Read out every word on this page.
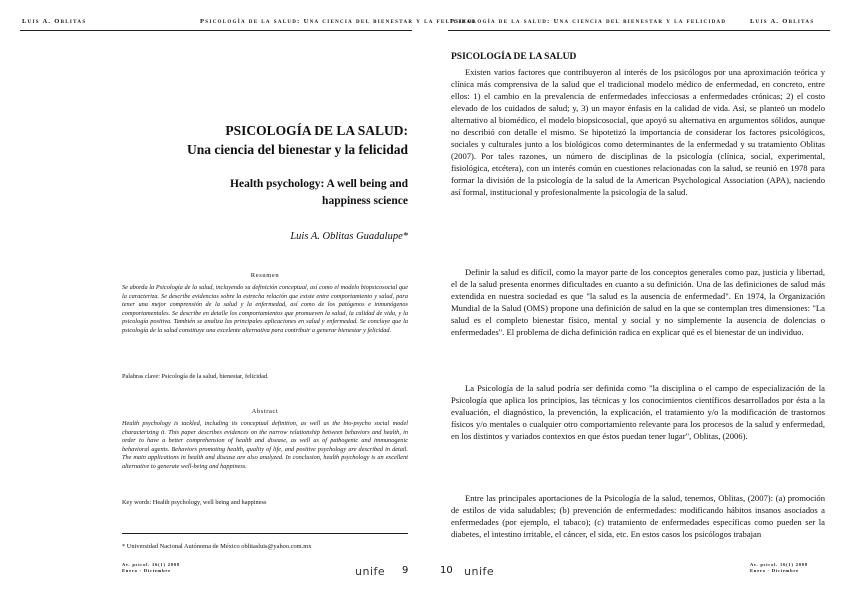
Luis A. Oblitas	Psicología de la salud: Una ciencia del bienestar y la felicidad
PSICOLOGÍA DE LA SALUD:
Una ciencia del bienestar y la felicidad
Health psychology: A well being and
happiness science
Luis A. Oblitas Guadalupe*
Resumen
Se aborda la Psicología de la salud, incluyendo su definición conceptual, así como el modelo biopsicosocial que la caracteriza. Se describe evidencias sobre la estrecha relación que existe entre comportamiento y salud, para tener una mejor comprensión de la salud y la enfermedad, así como de los patógenos e inmunógenos comportamentales. Se describe en detalle los comportamientos que promueven la salud, la calidad de vida, y la psicología positiva. También se analiza las principales aplicaciones en salud y enfermedad. Se concluye que la psicología de la salud constituye una excelente alternativa para contribuir a generar bienestar y felicidad.
Palabras clave: Psicología de la salud, bienestar, felicidad.
Abstract
Health psychology is tackled, including its conceptual definition, as well as the bio-psycho social model characterizing it. This paper describes evidences on the narrow relationship between behaviors and health, in order to have a better comprehension of health and disease, as well as of pathogenic and immunogenic behavioral agents. Behaviors promoting health, quality of life, and positive psychology are described in detail. The main applications in health and disease are also analyzed. In conclusion, health psychology is an excellent alternative to generate well-being and happiness.
Key words: Health psychology, well being and happiness
* Universidad Nacional Autónoma de México oblitasluis@yahoo.com.mx
Av. psicol. 16(1) 2008
Enero - Diciembre	unife 9
Psicología de la salud: Una ciencia del bienestar y la felicidad	Luis A. Oblitas
PSICOLOGÍA DE LA SALUD

Existen varios factores que contribuyeron al interés de los psicólogos por una aproximación teórica y clínica más comprensiva de la salud que el tradicional modelo médico de enfermedad, en concreto, entre ellos: 1) el cambio en la prevalencia de enfermedades infecciosas a enfermedades crónicas; 2) el costo elevado de los cuidados de salud; y, 3) un mayor énfasis en la calidad de vida. Así, se planteó un modelo alternativo al biomédico, el modelo biopsicosocial, que apoyó su alternativa en argumentos sólidos, aunque no describió con detalle el mismo. Se hipotetizó la importancia de considerar los factores psicológicos, sociales y culturales junto a los biológicos como determinantes de la enfermedad y su tratamiento Oblitas (2007). Por tales razones, un número de disciplinas de la psicología (clínica, social, experimental, fisiológica, etcétera), con un interés común en cuestiones relacionadas con la salud, se reunió en 1978 para formar la división de la psicología de la salud de la American Psychological Association (APA), naciendo así formal, institucional y profesionalmente la psicología de la salud.

Definir la salud es difícil, como la mayor parte de los conceptos generales como paz, justicia y libertad, el de la salud presenta enormes dificultades en cuanto a su definición. Una de las definiciones de salud más extendida en nuestra sociedad es que "la salud es la ausencia de enfermedad". En 1974, la Organización Mundial de la Salud (OMS) propone una definición de salud en la que se contemplan tres dimensiones: "La salud es el completo bienestar físico, mental y social y no simplemente la ausencia de dolencias o enfermedades". El problema de dicha definición radica en explicar qué es el bienestar de un individuo.

La Psicología de la salud podría ser definida como "la disciplina o el campo de especialización de la Psicología que aplica los principios, las técnicas y los conocimientos científicos desarrollados por ésta a la evaluación, el diagnóstico, la prevención, la explicación, el tratamiento y/o la modificación de trastornos físicos y/o mentales o cualquier otro comportamiento relevante para los procesos de la salud y enfermedad, en los distintos y variados contextos en que éstos puedan tener lugar", Oblitas, (2006).

Entre las principales aportaciones de la Psicología de la salud, tenemos, Oblitas, (2007): (a) promoción de estilos de vida saludables; (b) prevención de enfermedades: modificando hábitos insanos asociados a enfermedades (por ejemplo, el tabaco); (c) tratamiento de enfermedades específicas como pueden ser la diabetes, el intestino irritable, el cáncer, el sida, etc. En estos casos los psicólogos trabajan

10 unife
Av. psicol. 16(1) 2008
Enero - Diciembre
